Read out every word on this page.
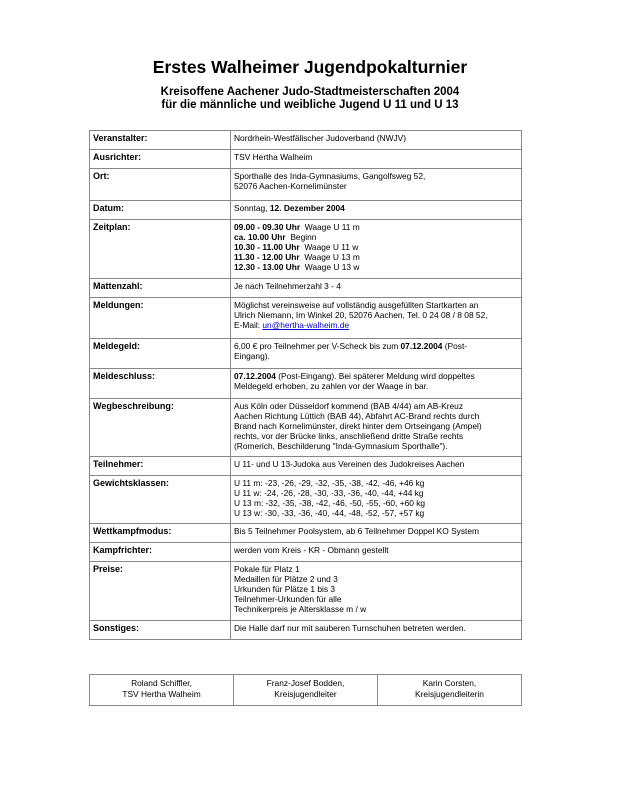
Erstes Walheimer Jugendpokalturnier
Kreisoffene Aachener Judo-Stadtmeisterschaften 2004
für die männliche und weibliche Jugend U 11 und U 13
Veranstalter:	Nordrhein-Westfälischer Judoverband (NWJV)
Ausrichter:	TSV Hertha Walheim
Ort:	Sporthalle des Inda-Gymnasiums, Gangolfsweg 52,
52076 Aachen-Kornelimünster

Datum:	Sonntag, 12. Dezember 2004
Zeitplan:	09.00 - 09.30 Uhr Waage U 11 m
ca. 10.00 Uhr Beginn
10.30 - 11.00 Uhr Waage U 11 w
11.30 - 12.00 Uhr Waage U 13 m
12.30 - 13.00 Uhr Waage U 13 w

Mattenzahl:	Je nach Teilnehmerzahl 3 - 4
Meldungen:	Möglichst vereinsweise auf vollständig ausgefüllten Startkarten an
Ulrich Niemann, Im Winkel 20, 52076 Aachen, Tel. 0 24 08 / 8 08 52,
E-Mail: un@hertha-walheim.de

Meldegeld:	6,00 € pro Teilnehmer per V-Scheck bis zum 07.12.2004 (Post-
Eingang).

Meldeschluss:	07.12.2004 (Post-Eingang). Bei späterer Meldung wird doppeltes
Meldegeld erhoben, zu zahlen vor der Waage in bar.

Wegbeschreibung:	Aus Köln oder Düsseldorf kommend (BAB 4/44) am AB-Kreuz
Aachen Richtung Lüttich (BAB 44), Abfahrt AC-Brand rechts durch
Brand nach Kornelimünster, direkt hinter dem Ortseingang (Ampel)
rechts, vor der Brücke links, anschließend dritte Straße rechts
(Romerich, Beschilderung "Inda-Gymnasium Sporthalle").

Teilnehmer:	U 11- und U 13-Judoka aus Vereinen des Judokreises Aachen
Gewichtsklassen:	U 11 m: -23, -26, -29, -32, -35, -38, -42, -46, +46 kg
U 11 w: -24, -26, -28, -30, -33, -36, -40, -44, +44 kg
U 13 m: -32, -35, -38, -42, -46, -50, -55, -60, +60 kg
U 13 w: -30, -33, -36, -40, -44, -48, -52, -57, +57 kg

Wettkampfmodus:	Bis 5 Teilnehmer Poolsystem, ab 6 Teilnehmer Doppel KO System
Kampfrichter:	werden vom Kreis - KR - Obmann gestellt
Preise:	Pokale für Platz 1
Medaillen für Plätze 2 und 3
Urkunden für Plätze 1 bis 3
Teilnehmer-Urkunden für alle
Technikerpreis je Altersklasse m / w

Sonstiges:	Die Halle darf nur mit sauberen Turnschuhen betreten werden.
Roland Schiffler,
TSV Hertha Walheim

Franz-Josef Bodden,
Kreisjugendleiter

Karin Corsten,
Kreisjugendleiterin
